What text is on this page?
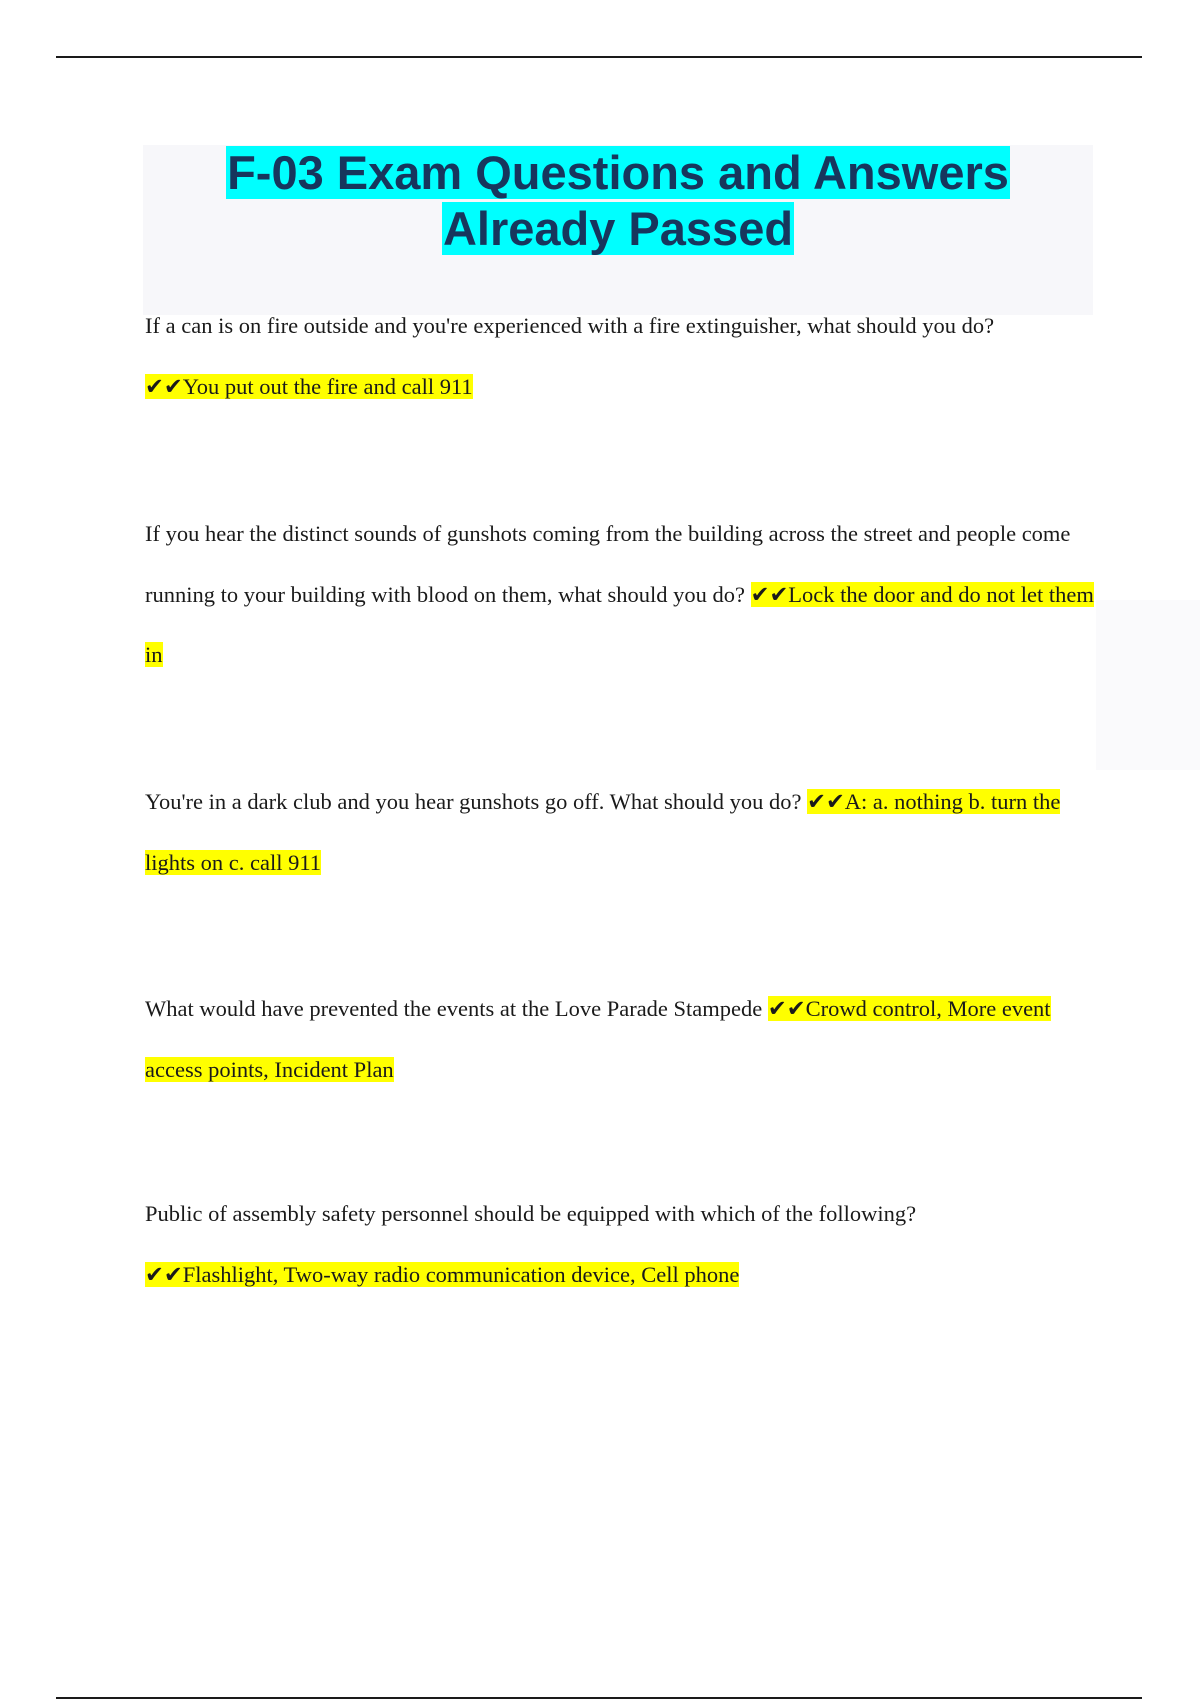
F-03 Exam Questions and Answers Already Passed

If a can is on fire outside and you're experienced with a fire extinguisher, what should you do?
✔✔You put out the fire and call 911

If you hear the distinct sounds of gunshots coming from the building across the street and people come running to your building with blood on them, what should you do? ✔✔Lock the door and do not let them in

You're in a dark club and you hear gunshots go off. What should you do? ✔✔A: a. nothing b. turn the lights on c. call 911

What would have prevented the events at the Love Parade Stampede ✔✔Crowd control, More event access points, Incident Plan

Public of assembly safety personnel should be equipped with which of the following?
✔✔Flashlight, Two-way radio communication device, Cell phone
